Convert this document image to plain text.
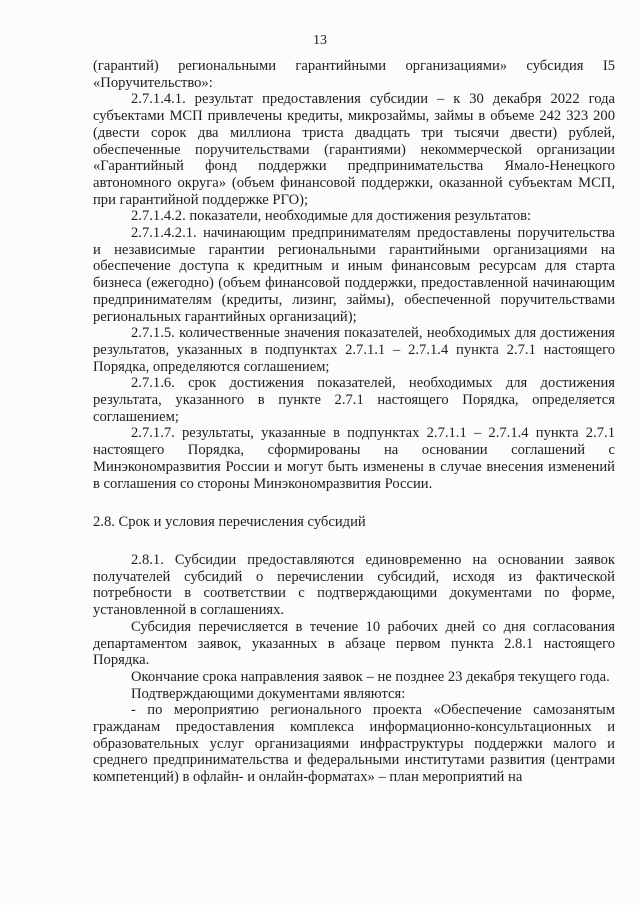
13
(гарантий) региональными гарантийными организациями» субсидия I5 «Поручительство»:
2.7.1.4.1. результат предоставления субсидии – к 30 декабря 2022 года субъектами МСП привлечены кредиты, микрозаймы, займы в объеме 242 323 200 (двести сорок два миллиона триста двадцать три тысячи двести) рублей, обеспеченные поручительствами (гарантиями) некоммерческой организации «Гарантийный фонд поддержки предпринимательства Ямало-Ненецкого автономного округа» (объем финансовой поддержки, оказанной субъектам МСП, при гарантийной поддержке РГО);
2.7.1.4.2. показатели, необходимые для достижения результатов:
2.7.1.4.2.1. начинающим предпринимателям предоставлены поручительства и независимые гарантии региональными гарантийными организациями на обеспечение доступа к кредитным и иным финансовым ресурсам для старта бизнеса (ежегодно) (объем финансовой поддержки, предоставленной начинающим предпринимателям (кредиты, лизинг, займы), обеспеченной поручительствами региональных гарантийных организаций);
2.7.1.5. количественные значения показателей, необходимых для достижения результатов, указанных в подпунктах 2.7.1.1 – 2.7.1.4 пункта 2.7.1 настоящего Порядка, определяются соглашением;
2.7.1.6. срок достижения показателей, необходимых для достижения результата, указанного в пункте 2.7.1 настоящего Порядка, определяется соглашением;
2.7.1.7. результаты, указанные в подпунктах 2.7.1.1 – 2.7.1.4 пункта 2.7.1 настоящего Порядка, сформированы на основании соглашений с Минэкономразвития России и могут быть изменены в случае внесения изменений в соглашения со стороны Минэкономразвития России.
2.8. Срок и условия перечисления субсидий
2.8.1. Субсидии предоставляются единовременно на основании заявок получателей субсидий о перечислении субсидий, исходя из фактической потребности в соответствии с подтверждающими документами по форме, установленной в соглашениях.
Субсидия перечисляется в течение 10 рабочих дней со дня согласования департаментом заявок, указанных в абзаце первом пункта 2.8.1 настоящего Порядка.
Окончание срока направления заявок – не позднее 23 декабря текущего года.
Подтверждающими документами являются:
- по мероприятию регионального проекта «Обеспечение самозанятым гражданам предоставления комплекса информационно-консультационных и образовательных услуг организациями инфраструктуры поддержки малого и среднего предпринимательства и федеральными институтами развития (центрами компетенций) в офлайн- и онлайн-форматах» – план мероприятий на
